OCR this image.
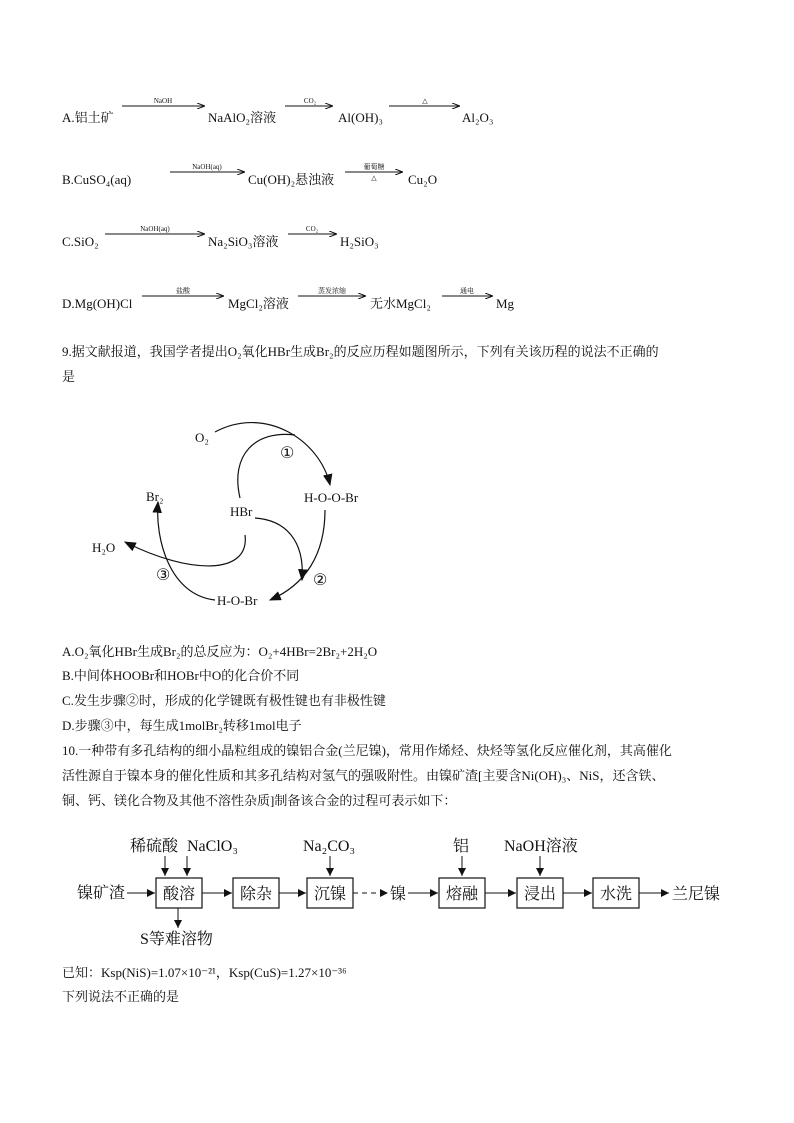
A.铝土矿
NaOH
NaAlO₂溶液
CO₂
Al(OH)₃
△
Al₂O₃
B.CuSO₄(aq)
NaOH(aq)
Cu(OH)₂悬浊液
葡萄糖
△ Cu₂O
C.SiO₂
NaOH(aq)
Na₂SiO₃溶液
CO₂
H₂SiO₃
D.Mg(OH)Cl
盐酸
MgCl₂溶液
蒸发浓缩
无水MgCl₂
通电
Mg
9.据文献报道，我国学者提出O₂氧化HBr生成Br₂的反应历程如题图所示，下列有关该历程的说法不正确的
是
O₂
HBr
H-O-O-Br
Br₂
H₂O
H-O-Br
①
②
③
A.O₂氧化HBr生成Br₂的总反应为：O₂+4HBr=2Br₂+2H₂O
B.中间体HOOBr和HOBr中O的化合价不同
C.发生步骤②时，形成的化学键既有极性键也有非极性键
D.步骤③中，每生成1molBr₂转移1mol电子
10.一种带有多孔结构的细小晶粒组成的镍铝合金(兰尼镍)，常用作烯烃、炔烃等氢化反应催化剂，其高催化
活性源自于镍本身的催化性质和其多孔结构对氢气的强吸附性。由镍矿渣[主要含Ni(OH)₃、NiS，还含铁、
铜、钙、镁化合物及其他不溶性杂质]制备该合金的过程可表示如下：
稀硫酸 NaClO₃	Na₂CO₃	铝 NaOH溶液
镍矿渣 酸溶	除杂	沉镍	镍 熔融	浸出	水洗 兰尼镍
S等难溶物
已知：Ksp(NiS)=1.07×10⁻²¹，Ksp(CuS)=1.27×10⁻³⁶
下列说法不正确的是
